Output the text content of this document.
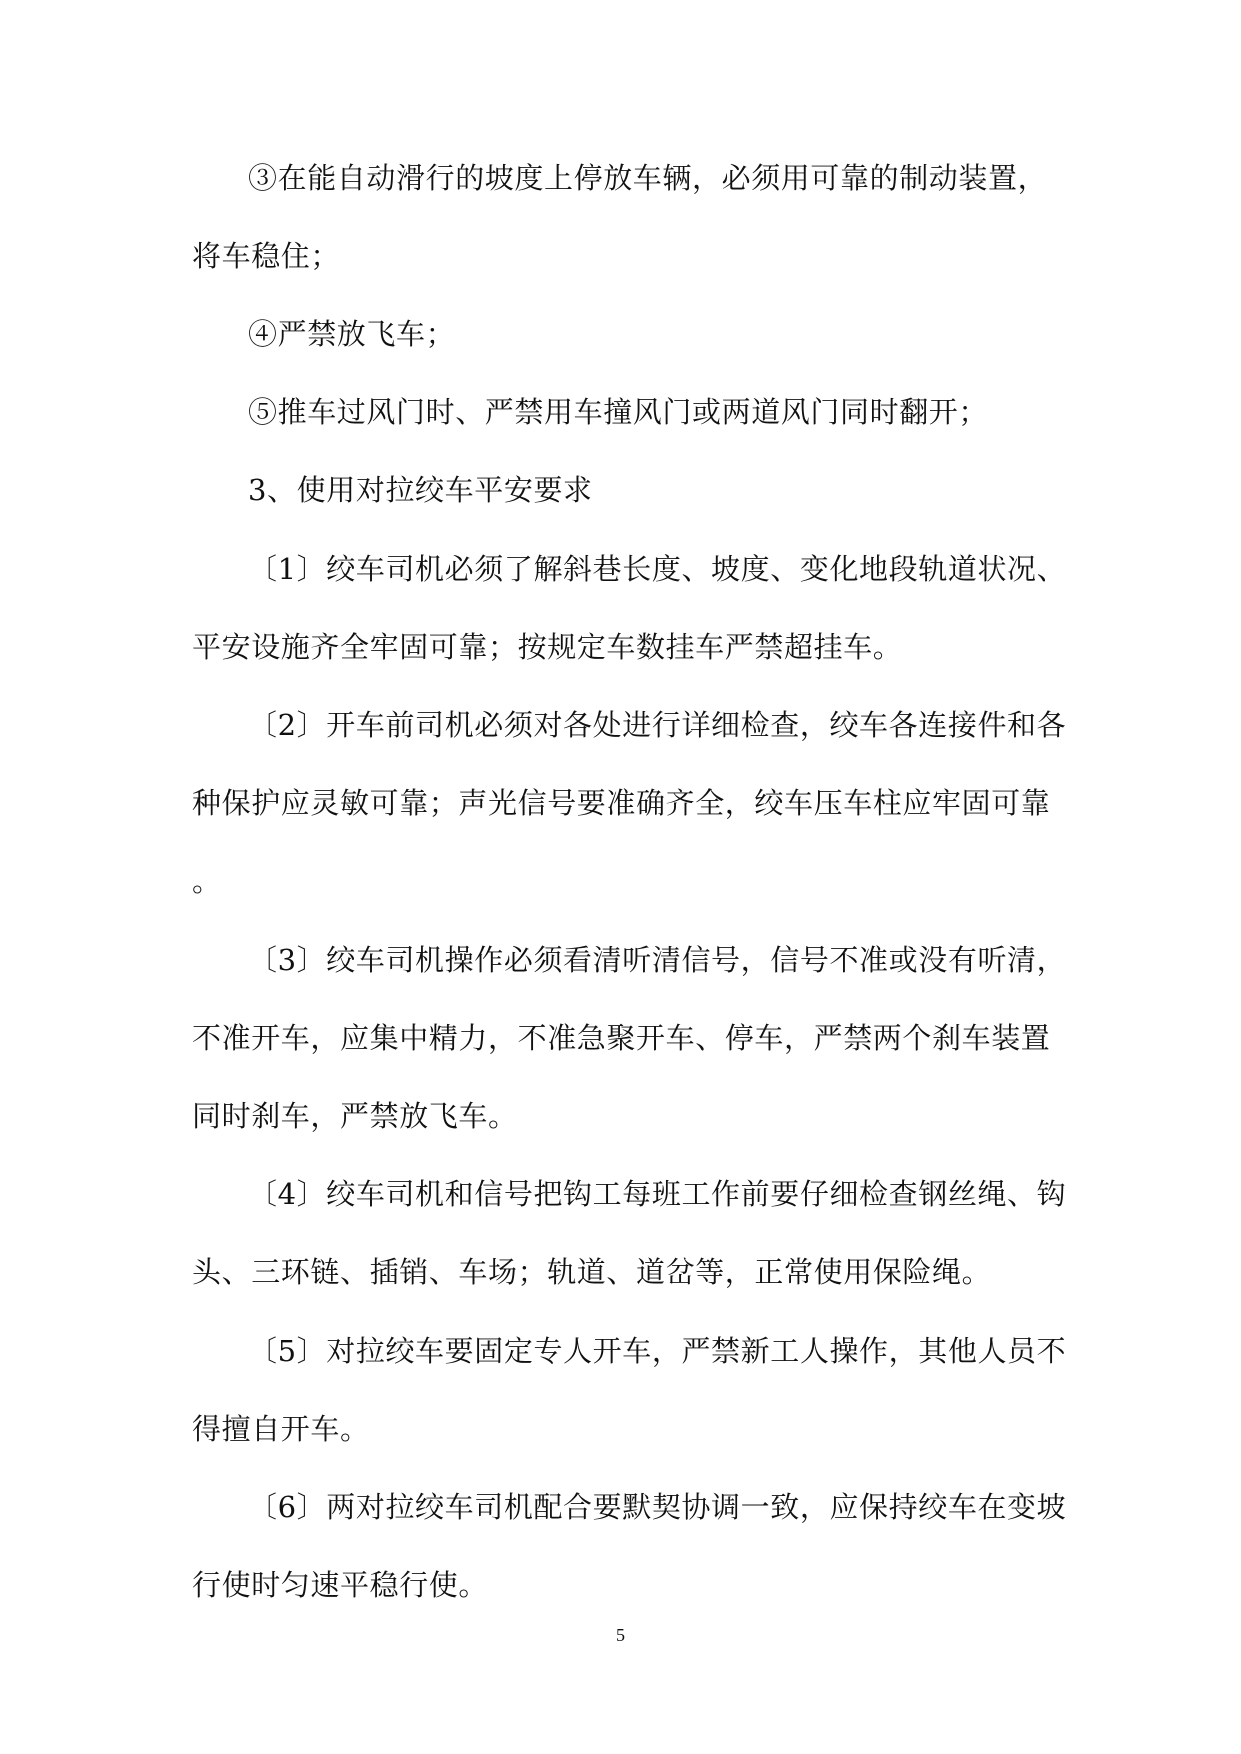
③在能自动滑行的坡度上停放车辆，必须用可靠的制动装置，
将车稳住；
④严禁放飞车；
⑤推车过风门时、严禁用车撞风门或两道风门同时翻开；
3、使用对拉绞车平安要求
〔1〕绞车司机必须了解斜巷长度、坡度、变化地段轨道状况、
平安设施齐全牢固可靠；按规定车数挂车严禁超挂车。
〔2〕开车前司机必须对各处进行详细检查，绞车各连接件和各
种保护应灵敏可靠；声光信号要准确齐全，绞车压车柱应牢固可靠
。
〔3〕绞车司机操作必须看清听清信号，信号不准或没有听清，
不准开车，应集中精力，不准急聚开车、停车，严禁两个刹车装置
同时刹车，严禁放飞车。
〔4〕绞车司机和信号把钩工每班工作前要仔细检查钢丝绳、钩
头、三环链、插销、车场；轨道、道岔等，正常使用保险绳。
〔5〕对拉绞车要固定专人开车，严禁新工人操作，其他人员不
得擅自开车。
〔6〕两对拉绞车司机配合要默契协调一致，应保持绞车在变坡
行使时匀速平稳行使。
5
